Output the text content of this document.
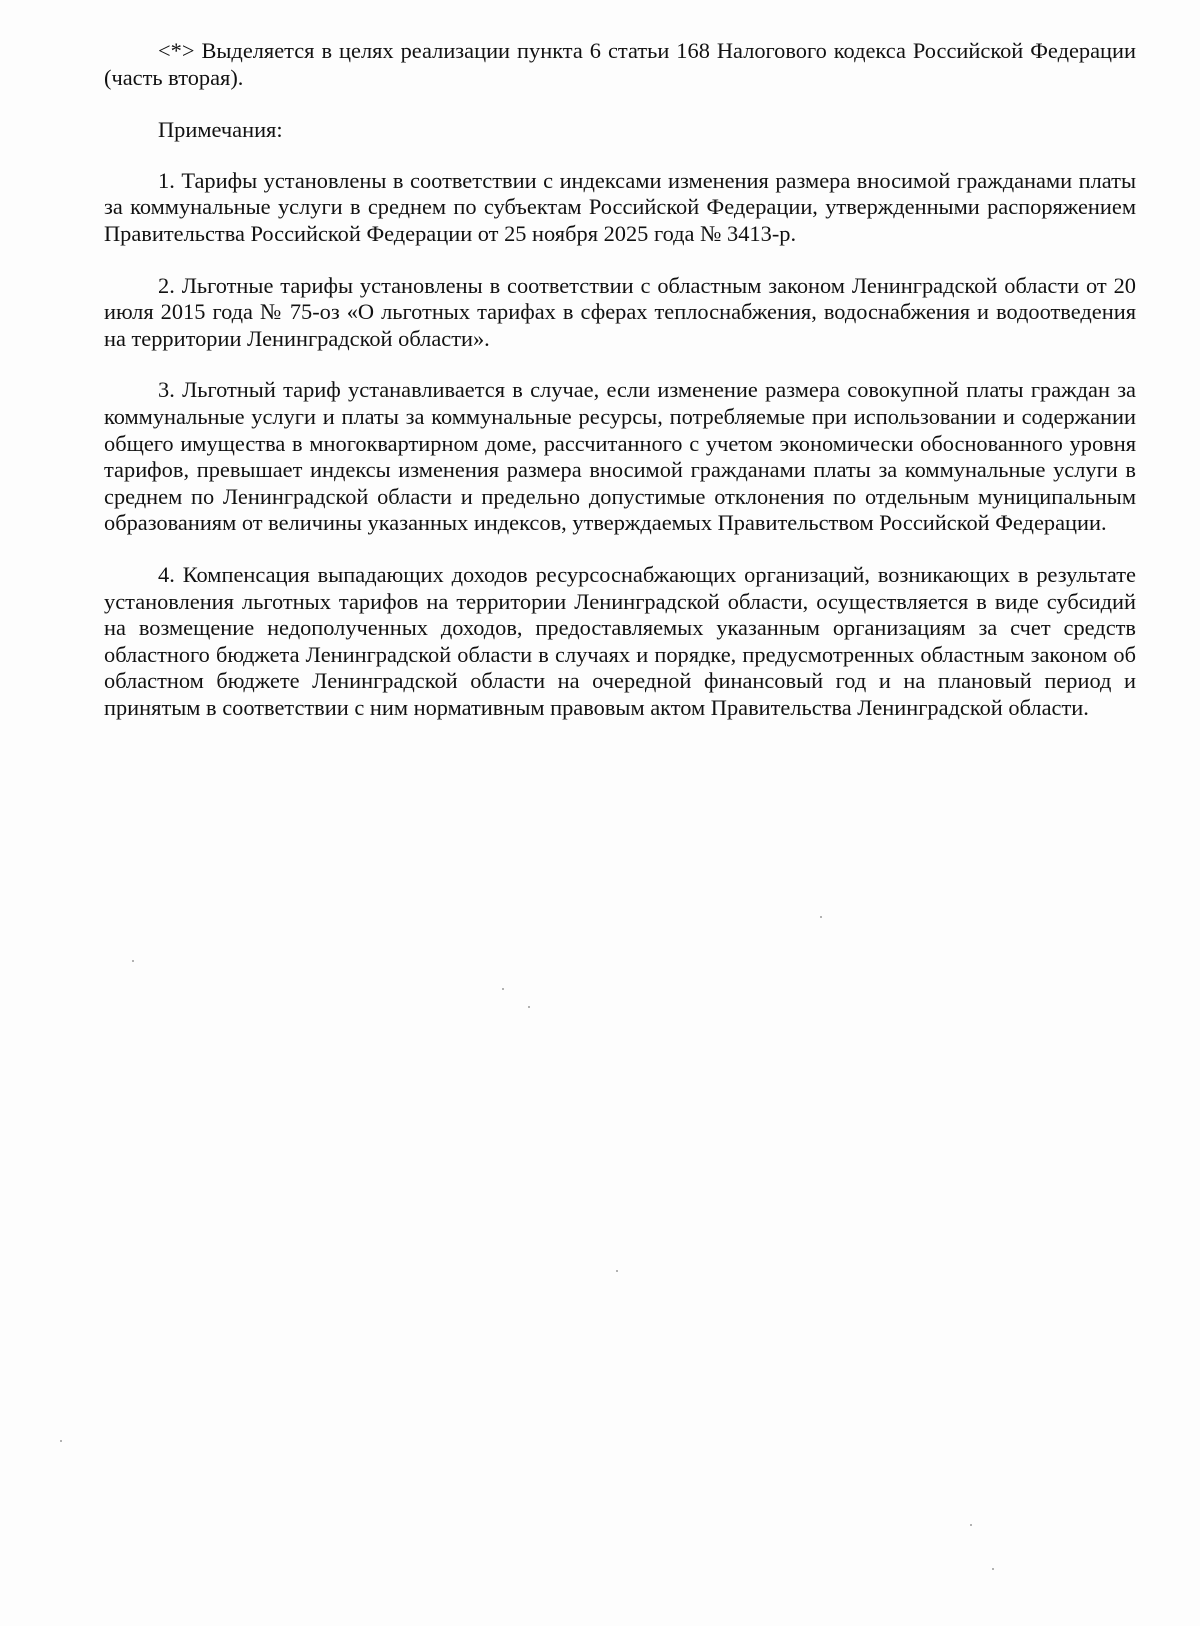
<*> Выделяется в целях реализации пункта 6 статьи 168 Налогового кодекса Российской Федерации (часть вторая).

Примечания:

1. Тарифы установлены в соответствии с индексами изменения размера вносимой гражданами платы за коммунальные услуги в среднем по субъектам Российской Федерации, утвержденными распоряжением Правительства Российской Федерации от 25 ноября 2025 года № 3413-р.

2. Льготные тарифы установлены в соответствии с областным законом Ленинградской области от 20 июля 2015 года № 75-оз «О льготных тарифах в сферах теплоснабжения, водоснабжения и водоотведения на территории Ленинградской области».

3. Льготный тариф устанавливается в случае, если изменение размера совокупной платы граждан за коммунальные услуги и платы за коммунальные ресурсы, потребляемые при использовании и содержании общего имущества в многоквартирном доме, рассчитанного с учетом экономически обоснованного уровня тарифов, превышает индексы изменения размера вносимой гражданами платы за коммунальные услуги в среднем по Ленинградской области и предельно допустимые отклонения по отдельным муниципальным образованиям от величины указанных индексов, утверждаемых Правительством Российской Федерации.

4. Компенсация выпадающих доходов ресурсоснабжающих организаций, возникающих в результате установления льготных тарифов на территории Ленинградской области, осуществляется в виде субсидий на возмещение недополученных доходов, предоставляемых указанным организациям за счет средств областного бюджета Ленинградской области в случаях и порядке, предусмотренных областным законом об областном бюджете Ленинградской области на очередной финансовый год и на плановый период и принятым в соответствии с ним нормативным правовым актом Правительства Ленинградской области.
